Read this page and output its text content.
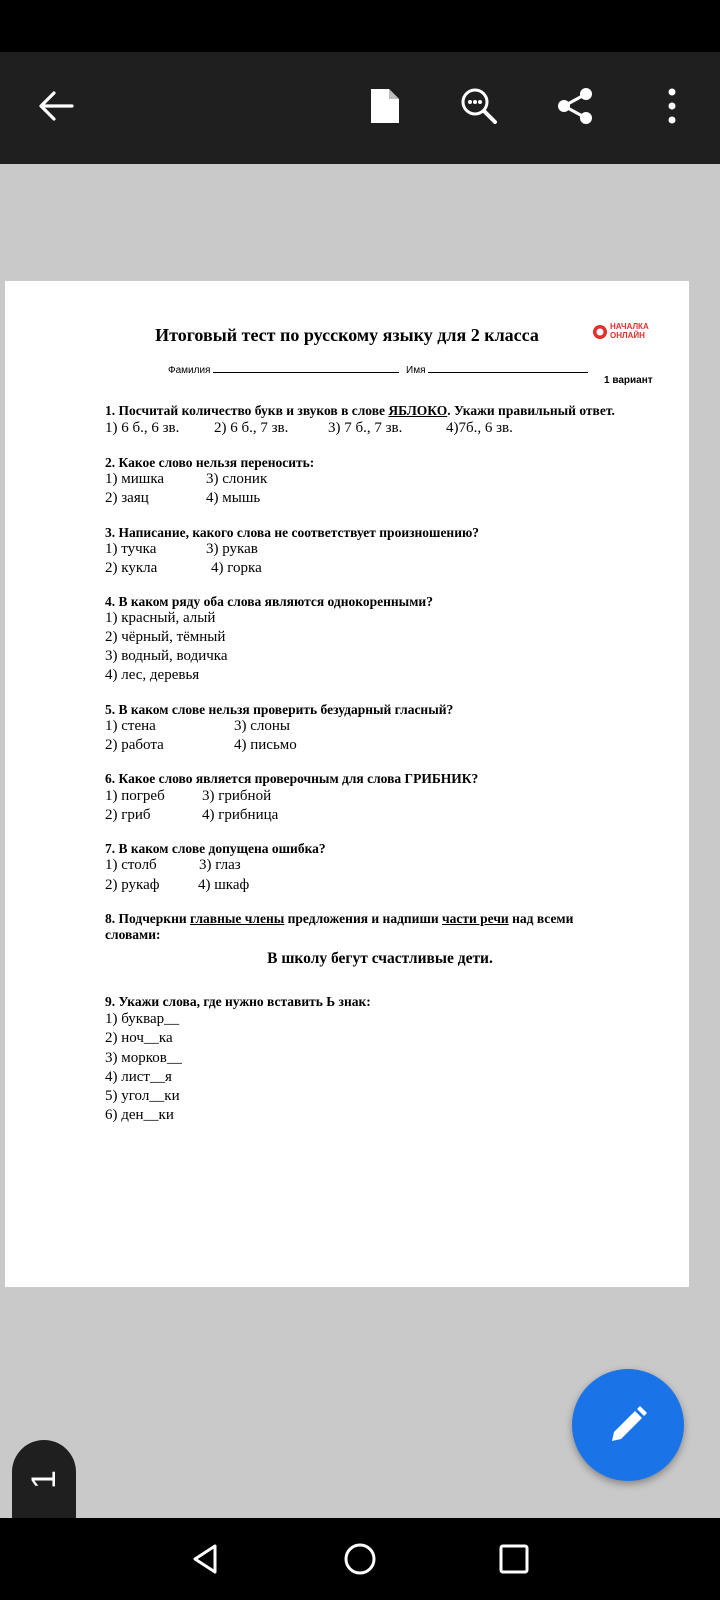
Итоговый тест по русскому языку для 2 класса	НАЧАЛКА
ОНЛАЙН
Фамилия	Имя
1 вариант
1. Посчитай количество букв и звуков в слове ЯБЛОКО. Укажи правильный ответ.
1) 6 б., 6 зв. 2) 6 б., 7 зв.	3) 7 б., 7 зв.	4)7б., 6 зв.
2. Какое слово нельзя переносить:
1) мишка	3) слоник
2) заяц	4) мышь
3. Написание, какого слова не соответствует произношению?
1) тучка	3) рукав
2) кукла	4) горка
4. В каком ряду оба слова являются однокоренными?
1) красный, алый
2) чёрный, тёмный
3) водный, водичка
4) лес, деревья
5. В каком слове нельзя проверить безударный гласный?
1) стена	3) слоны
2) работа	4) письмо
6. Какое слово является проверочным для слова ГРИБНИК?
1) погреб 3) грибной
2) гриб	4) грибница
7. В каком слове допущена ошибка?
1) столб	3) глаз
2) рукаф	4) шкаф
8. Подчеркни главные члены предложения и надпиши части речи над всеми
словами:
В школу бегут счастливые дети.
9. Укажи слова, где нужно вставить Ь знак:
1) буквар__
2) ноч__ка
3) морков__
4) лист__я
5) угол__ки
6) ден__ки
1
